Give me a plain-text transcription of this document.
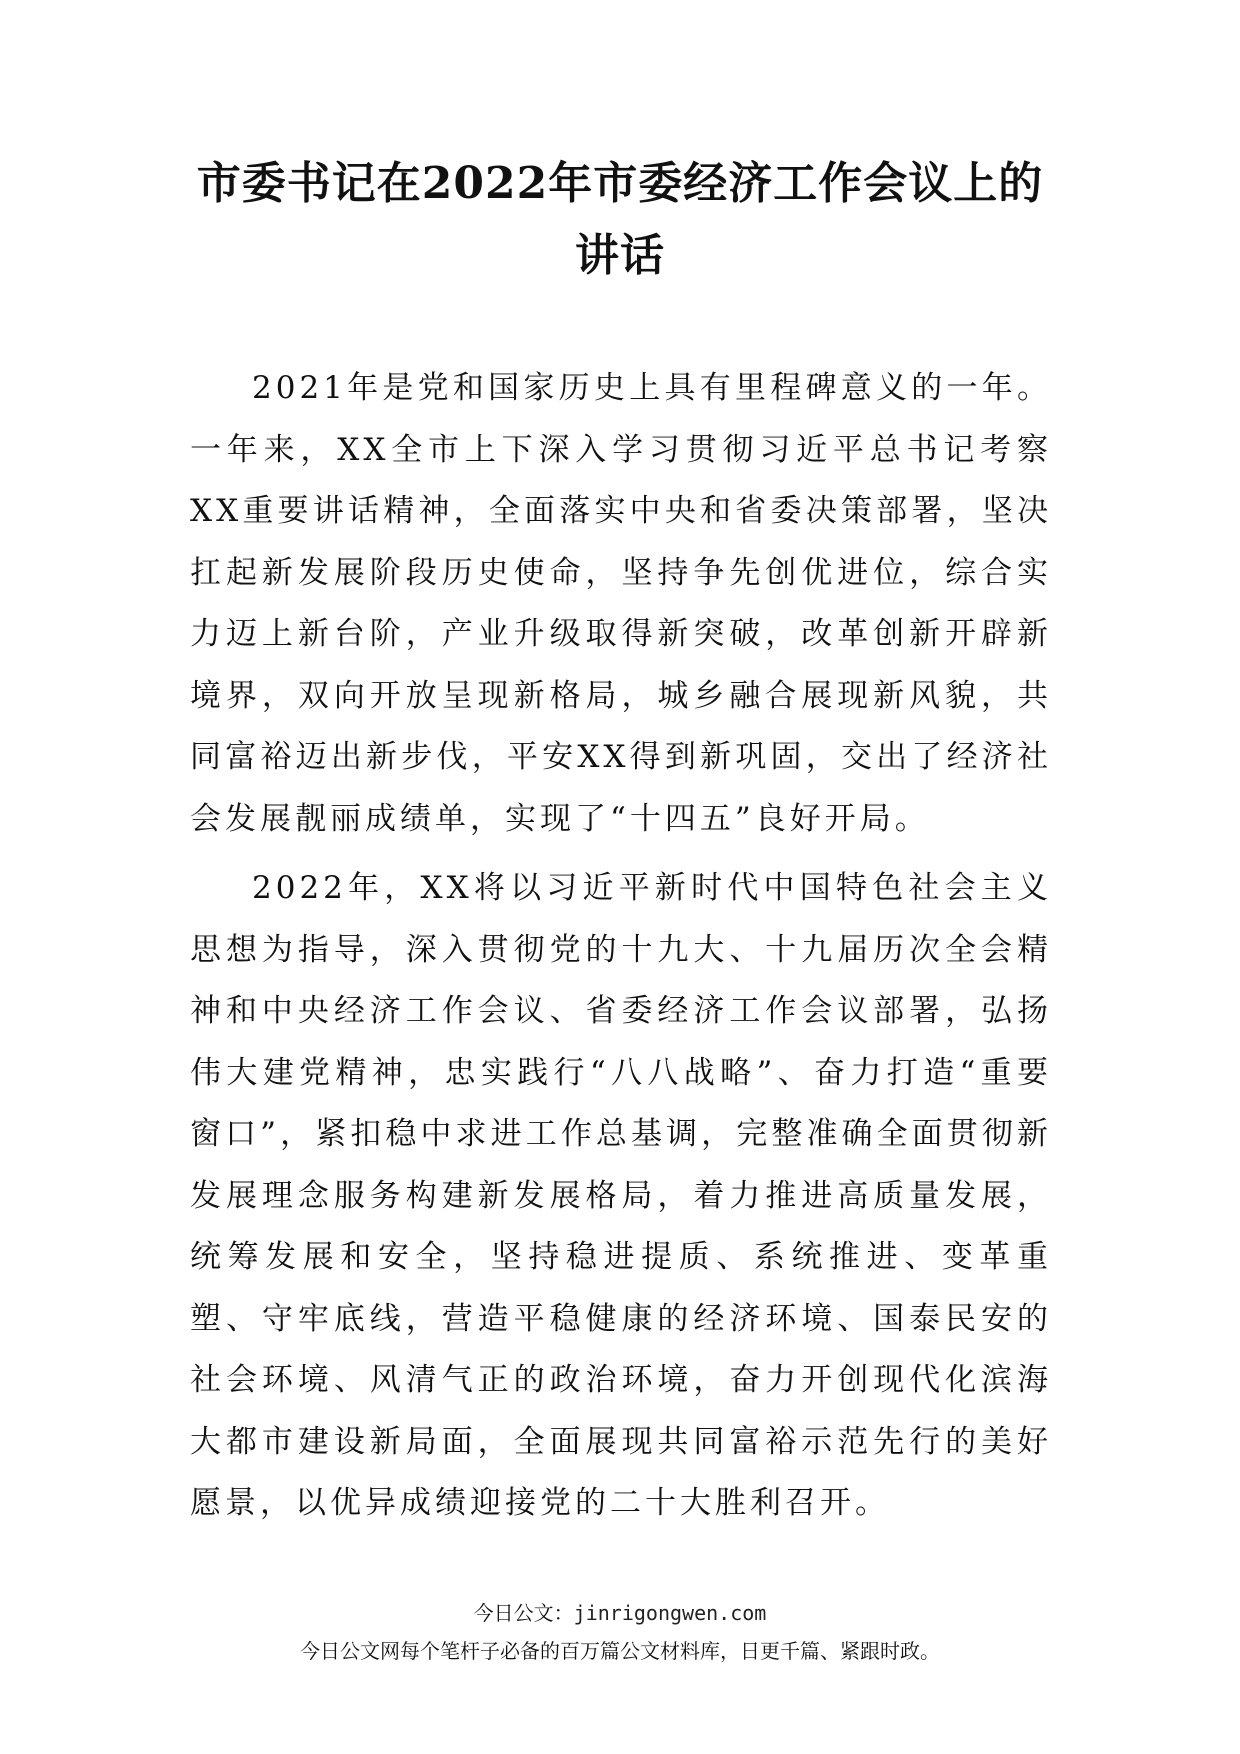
市委书记在2022年市委经济工作会议上的讲话

2021年是党和国家历史上具有里程碑意义的一年。一年来，XX全市上下深入学习贯彻习近平总书记考察XX重要讲话精神，全面落实中央和省委决策部署，坚决扛起新发展阶段历史使命，坚持争先创优进位，综合实力迈上新台阶，产业升级取得新突破，改革创新开辟新境界，双向开放呈现新格局，城乡融合展现新风貌，共同富裕迈出新步伐，平安XX得到新巩固，交出了经济社会发展靓丽成绩单，实现了“十四五”良好开局。

2022年，XX将以习近平新时代中国特色社会主义思想为指导，深入贯彻党的十九大、十九届历次全会精神和中央经济工作会议、省委经济工作会议部署，弘扬伟大建党精神，忠实践行“八八战略”、奋力打造“重要窗口”，紧扣稳中求进工作总基调，完整准确全面贯彻新发展理念服务构建新发展格局，着力推进高质量发展，统筹发展和安全，坚持稳进提质、系统推进、变革重塑、守牢底线，营造平稳健康的经济环境、国泰民安的社会环境、风清气正的政治环境，奋力开创现代化滨海大都市建设新局面，全面展现共同富裕示范先行的美好愿景，以优异成绩迎接党的二十大胜利召开。

今日公文：jinrigongwen.com
今日公文网每个笔杆子必备的百万篇公文材料库，日更千篇、紧跟时政。
